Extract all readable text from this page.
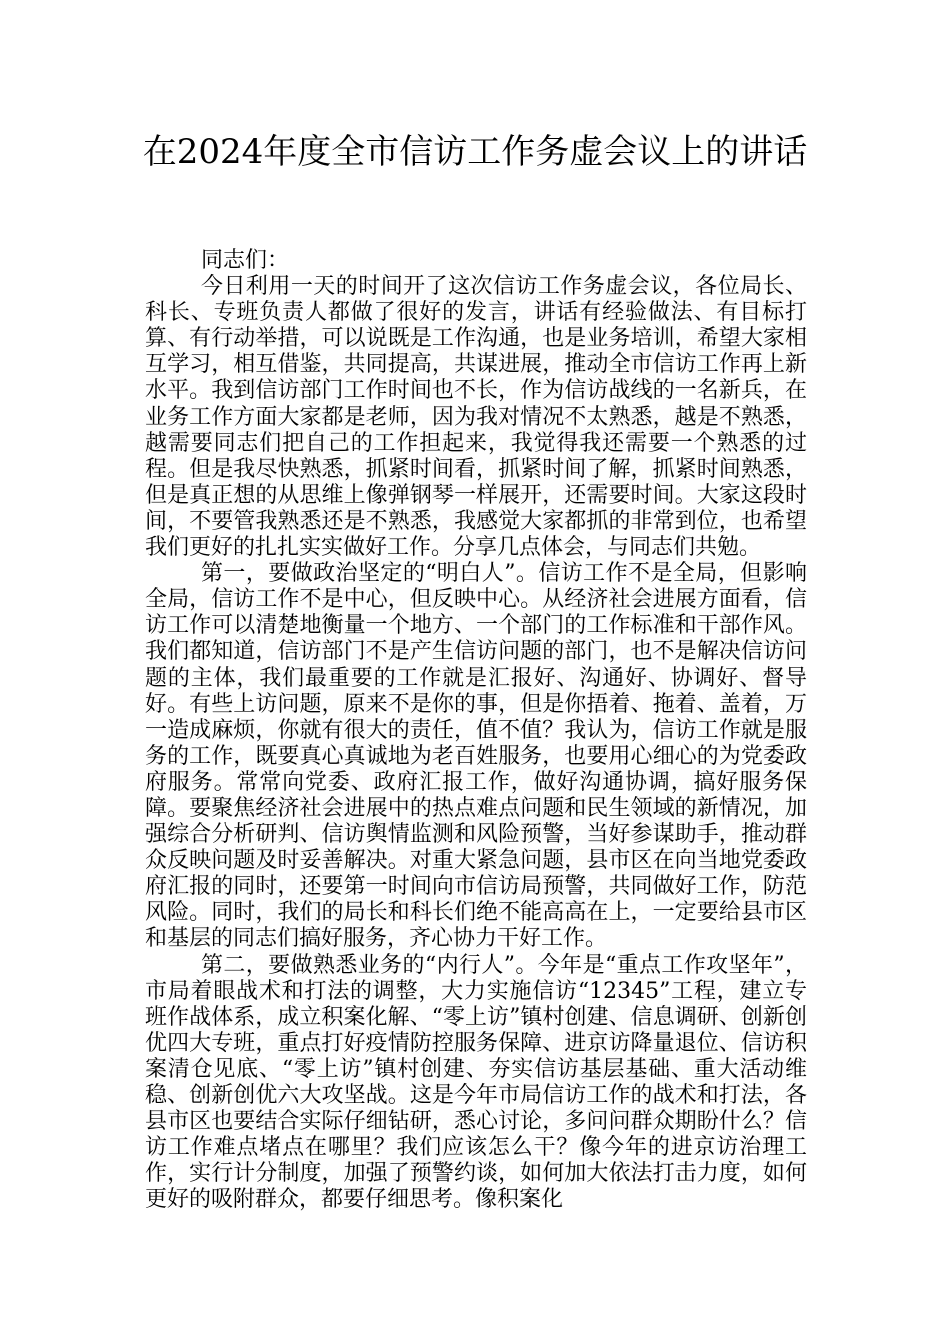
在2024年度全市信访工作务虚会议上的讲话

同志们：

今日利用一天的时间开了这次信访工作务虚会议，各位局长、科长、专班负责人都做了很好的发言，讲话有经验做法、有目标打算、有行动举措，可以说既是工作沟通，也是业务培训，希望大家相互学习，相互借鉴，共同提高，共谋进展，推动全市信访工作再上新水平。我到信访部门工作时间也不长，作为信访战线的一名新兵，在业务工作方面大家都是老师，因为我对情况不太熟悉，越是不熟悉，越需要同志们把自己的工作担起来，我觉得我还需要一个熟悉的过程。但是我尽快熟悉，抓紧时间看，抓紧时间了解，抓紧时间熟悉，但是真正想的从思维上像弹钢琴一样展开，还需要时间。大家这段时间，不要管我熟悉还是不熟悉，我感觉大家都抓的非常到位，也希望我们更好的扎扎实实做好工作。分享几点体会，与同志们共勉。

第一，要做政治坚定的“明白人”。信访工作不是全局，但影响全局，信访工作不是中心，但反映中心。从经济社会进展方面看，信访工作可以清楚地衡量一个地方、一个部门的工作标准和干部作风。我们都知道，信访部门不是产生信访问题的部门，也不是解决信访问题的主体，我们最重要的工作就是汇报好、沟通好、协调好、督导好。有些上访问题，原来不是你的事，但是你捂着、拖着、盖着，万一造成麻烦，你就有很大的责任，值不值？我认为，信访工作就是服务的工作，既要真心真诚地为老百姓服务，也要用心细心的为党委政府服务。常常向党委、政府汇报工作，做好沟通协调，搞好服务保障。要聚焦经济社会进展中的热点难点问题和民生领域的新情况，加强综合分析研判、信访舆情监测和风险预警，当好参谋助手，推动群众反映问题及时妥善解决。对重大紧急问题，县市区在向当地党委政府汇报的同时，还要第一时间向市信访局预警，共同做好工作，防范风险。同时，我们的局长和科长们绝不能高高在上，一定要给县市区和基层的同志们搞好服务，齐心协力干好工作。

第二，要做熟悉业务的“内行人”。今年是“重点工作攻坚年”，市局着眼战术和打法的调整，大力实施信访“12345”工程，建立专班作战体系，成立积案化解、“零上访”镇村创建、信息调研、创新创优四大专班，重点打好疫情防控服务保障、进京访降量退位、信访积案清仓见底、“零上访”镇村创建、夯实信访基层基础、重大活动维稳、创新创优六大攻坚战。这是今年市局信访工作的战术和打法，各县市区也要结合实际仔细钻研，悉心讨论，多问问群众期盼什么？信访工作难点堵点在哪里？我们应该怎么干？像今年的进京访治理工作，实行计分制度，加强了预警约谈，如何加大依法打击力度，如何更好的吸附群众，都要仔细思考。像积案化
